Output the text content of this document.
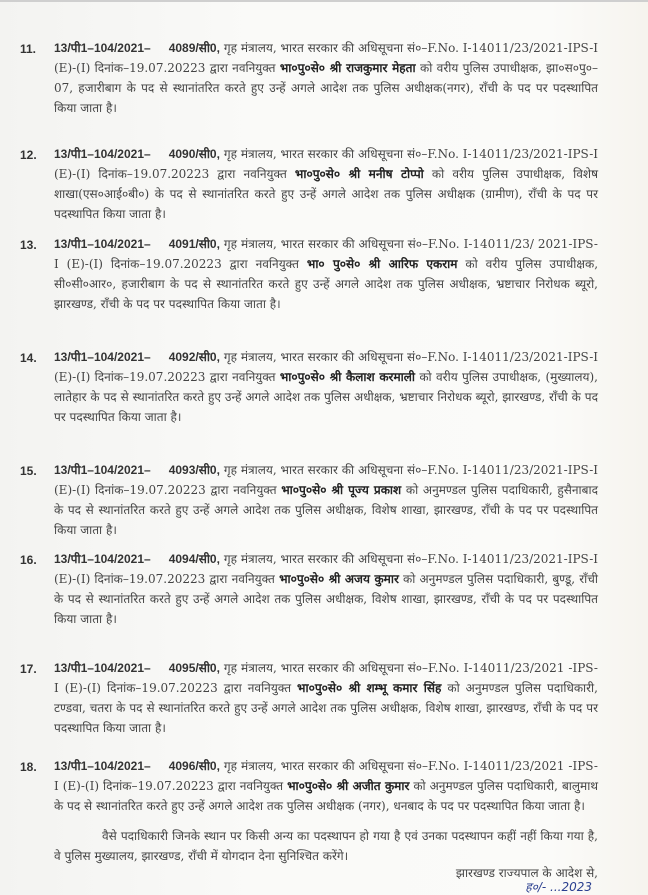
11. 13/पी1–104/2021– 4089/सी0, गृह मंत्रालय, भारत सरकार की अधिसूचना सं०–F.No. I-14011/23/2021-IPS-I (E)-(I) दिनांक–19.07.20223 द्वारा नवनियुक्त भा०पु०से० श्री राजकुमार मेहता को वरीय पुलिस उपाधीक्षक, झा०स०पु०–07, हजारीबाग के पद से स्थानांतरित करते हुए उन्हें अगले आदेश तक पुलिस अधीक्षक(नगर), राँची के पद पर पदस्थापित किया जाता है।
12. 13/पी1–104/2021– 4090/सी0, गृह मंत्रालय, भारत सरकार की अधिसूचना सं०–F.No. I-14011/23/2021-IPS-I (E)-(I) दिनांक–19.07.20223 द्वारा नवनियुक्त भा०पु०से० श्री मनीष टोप्पो को वरीय पुलिस उपाधीक्षक, विशेष शाखा(एस०आई०बी०) के पद से स्थानांतरित करते हुए उन्हें अगले आदेश तक पुलिस अधीक्षक (ग्रामीण), राँची के पद पर पदस्थापित किया जाता है।
13. 13/पी1–104/2021– 4091/सी0, गृह मंत्रालय, भारत सरकार की अधिसूचना सं०–F.No. I-14011/23/ 2021-IPS-I (E)-(I) दिनांक–19.07.20223 द्वारा नवनियुक्त भा० पु०से० श्री आरिफ एकराम को वरीय पुलिस उपाधीक्षक, सी०सी०आर०, हजारीबाग के पद से स्थानांतरित करते हुए उन्हें अगले आदेश तक पुलिस अधीक्षक, भ्रष्टाचार निरोधक ब्यूरो, झारखण्ड, राँची के पद पर पदस्थापित किया जाता है।
14. 13/पी1–104/2021– 4092/सी0, गृह मंत्रालय, भारत सरकार की अधिसूचना सं०–F.No. I-14011/23/2021-IPS-I (E)-(I) दिनांक–19.07.20223 द्वारा नवनियुक्त भा०पु०से० श्री कैलाश करमाली को वरीय पुलिस उपाधीक्षक, (मुख्यालय), लातेहार के पद से स्थानांतरित करते हुए उन्हें अगले आदेश तक पुलिस अधीक्षक, भ्रष्टाचार निरोधक ब्यूरो, झारखण्ड, राँची के पद पर पदस्थापित किया जाता है।
15. 13/पी1–104/2021– 4093/सी0, गृह मंत्रालय, भारत सरकार की अधिसूचना सं०–F.No. I-14011/23/2021-IPS-I (E)-(I) दिनांक–19.07.20223 द्वारा नवनियुक्त भा०पु०से० श्री पूज्य प्रकाश को अनुमण्डल पुलिस पदाधिकारी, हुसैनाबाद के पद से स्थानांतरित करते हुए उन्हें अगले आदेश तक पुलिस अधीक्षक, विशेष शाखा, झारखण्ड, राँची के पद पर पदस्थापित किया जाता है।
16. 13/पी1–104/2021– 4094/सी0, गृह मंत्रालय, भारत सरकार की अधिसूचना सं०–F.No. I-14011/23/2021-IPS-I (E)-(I) दिनांक–19.07.20223 द्वारा नवनियुक्त भा०पु०से० श्री अजय कुमार को अनुमण्डल पुलिस पदाधिकारी, बुण्डू, राँची के पद से स्थानांतरित करते हुए उन्हें अगले आदेश तक पुलिस अधीक्षक, विशेष शाखा, झारखण्ड, राँची के पद पर पदस्थापित किया जाता है।
17. 13/पी1–104/2021– 4095/सी0, गृह मंत्रालय, भारत सरकार की अधिसूचना सं०–F.No. I-14011/23/2021 -IPS-I (E)-(I) दिनांक–19.07.20223 द्वारा नवनियुक्त भा०पु०से० श्री शम्भू कमार सिंह को अनुमण्डल पुलिस पदाधिकारी, टण्डवा, चतरा के पद से स्थानांतरित करते हुए उन्हें अगले आदेश तक पुलिस अधीक्षक, विशेष शाखा, झारखण्ड, राँची के पद पर पदस्थापित किया जाता है।
18. 13/पी1–104/2021– 4096/सी0, गृह मंत्रालय, भारत सरकार की अधिसूचना सं०–F.No. I-14011/23/2021 -IPS-I (E)-(I) दिनांक–19.07.20223 द्वारा नवनियुक्त भा०पु०से० श्री अजीत कुमार को अनुमण्डल पुलिस पदाधिकारी, बालुमाथ के पद से स्थानांतरित करते हुए उन्हें अगले आदेश तक पुलिस अधीक्षक (नगर), धनबाद के पद पर पदस्थापित किया जाता है।
वैसे पदाधिकारी जिनके स्थान पर किसी अन्य का पदस्थापन हो गया है एवं उनका पदस्थापन कहीं नहीं किया गया है, वे पुलिस मुख्यालय, झारखण्ड, राँची में योगदान देना सुनिश्चित करेंगे।
झारखण्ड राज्यपाल के आदेश से,
ह०/- ...2023
